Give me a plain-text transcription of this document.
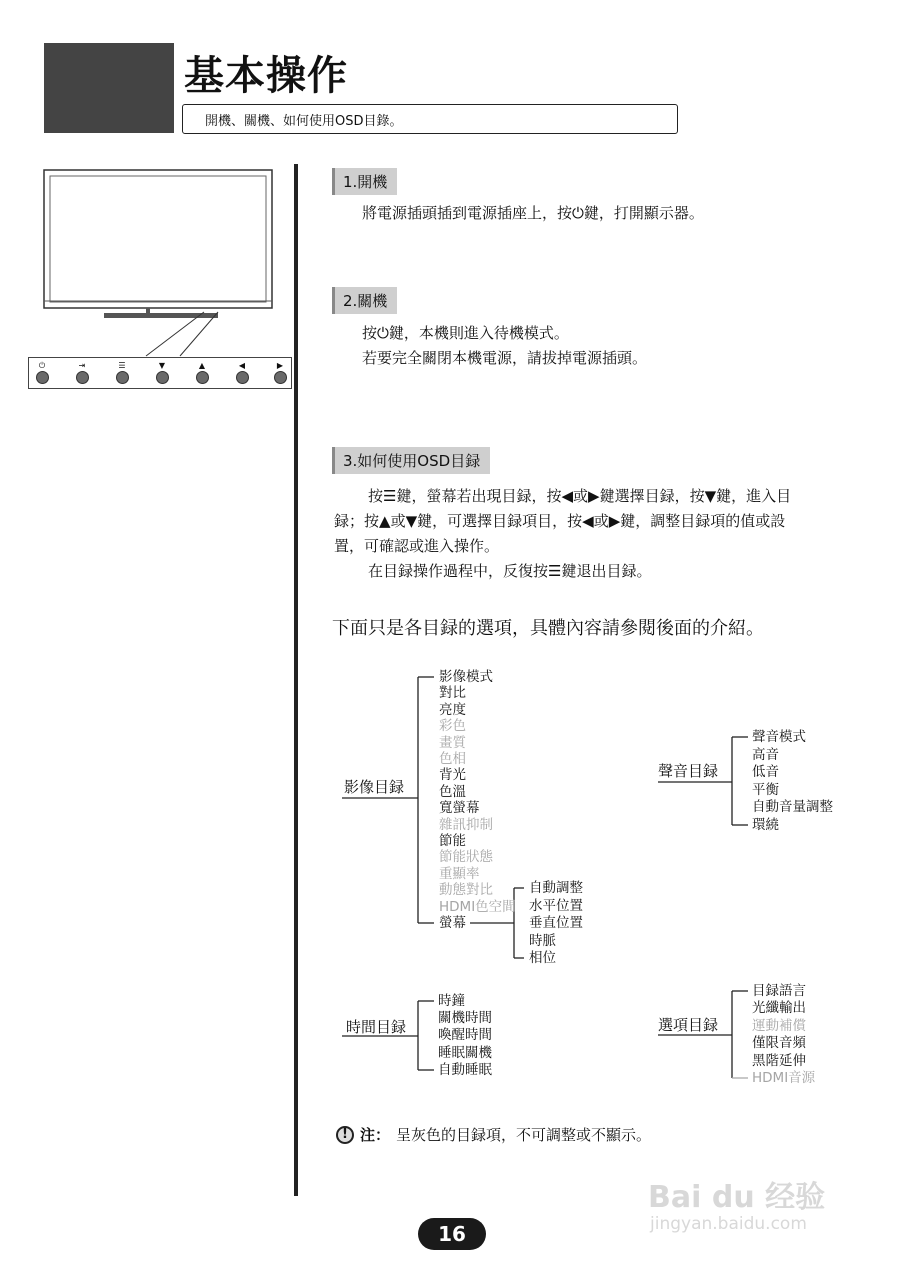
基本操作
開機、關機、如何使用OSD目錄。
⏻	⇥	☰	▼	▲	◀	▶
1.開機
將電源插頭插到電源插座上，按⏻鍵，打開顯示器。
2.關機
按⏻鍵，本機則進入待機模式。
若要完全關閉本機電源，請拔掉電源插頭。
3.如何使用OSD目録
按☰鍵，螢幕若出現目録，按◀或▶鍵選擇目録，按▼鍵，進入目
録；按▲或▼鍵，可選擇目録項目，按◀或▶鍵，調整目録項的值或設
置，可確認或進入操作。
在目録操作過程中，反復按☰鍵退出目録。
下面只是各目録的選項，具體內容請參閱後面的介紹。
影像目録
影像模式
對比
亮度
彩色
畫質
色相
背光
色溫
寬螢幕
雜訊抑制
節能
節能狀態
重顯率
動態對比
HDMI色空間
螢幕
自動調整
水平位置
垂直位置
時脈
相位
聲音目録
聲音模式
高音
低音
平衡
自動音量調整
環繞
時間目録
時鐘
關機時間
喚醒時間
睡眠關機
自動睡眠
選項目録
目録語言
光纖輸出
運動補償
僅限音頻
黑階延伸
HDMI音源
! 注： 呈灰色的目録項，不可調整或不顯示。
16
Bai du 经验
jingyan.baidu.com
